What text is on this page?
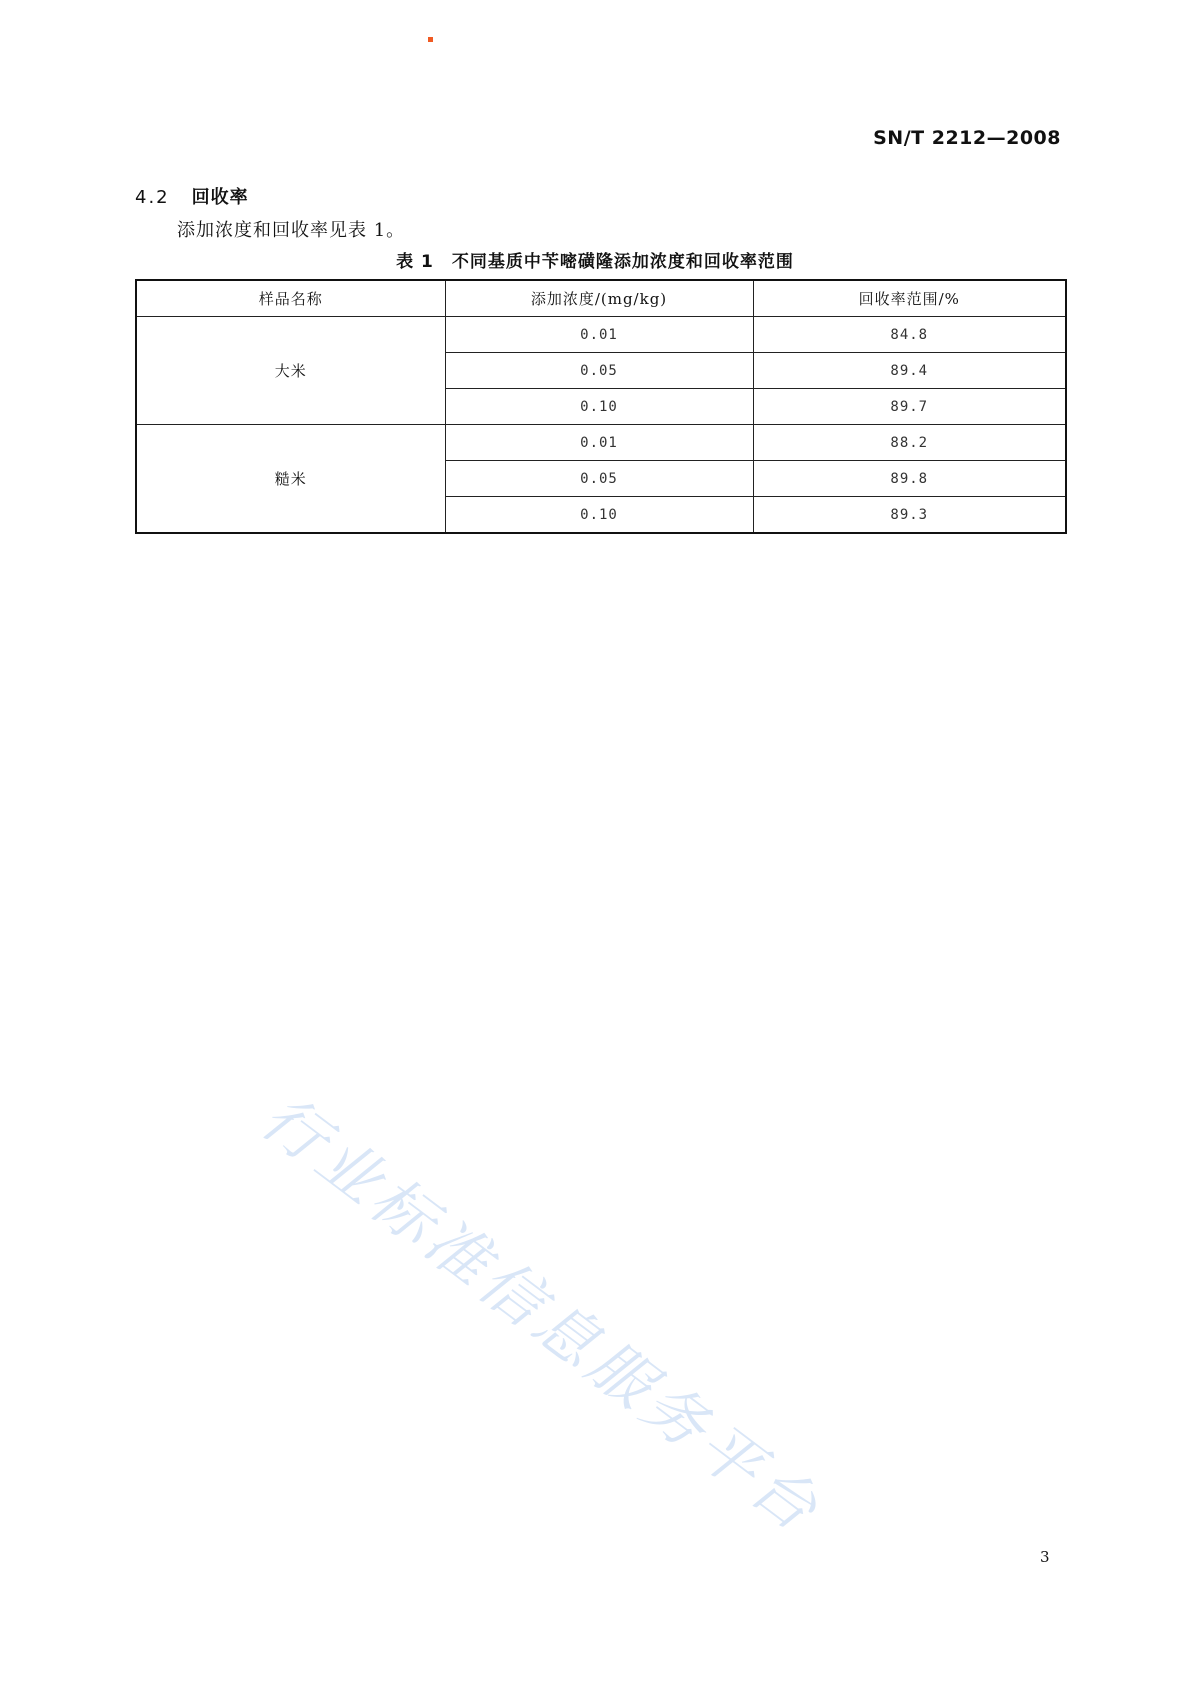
SN/T 2212—2008
4.2 回收率
添加浓度和回收率见表 1。
表 1 不同基质中苄嘧磺隆添加浓度和回收率范围
样品名称	添加浓度/(mg/kg)	回收率范围/%
大米	0.01	84.8
	0.05	89.4
	0.10	89.7
糙米	0.01	88.2
	0.05	89.8
	0.10	89.3
行业标准信息服务平台
3
